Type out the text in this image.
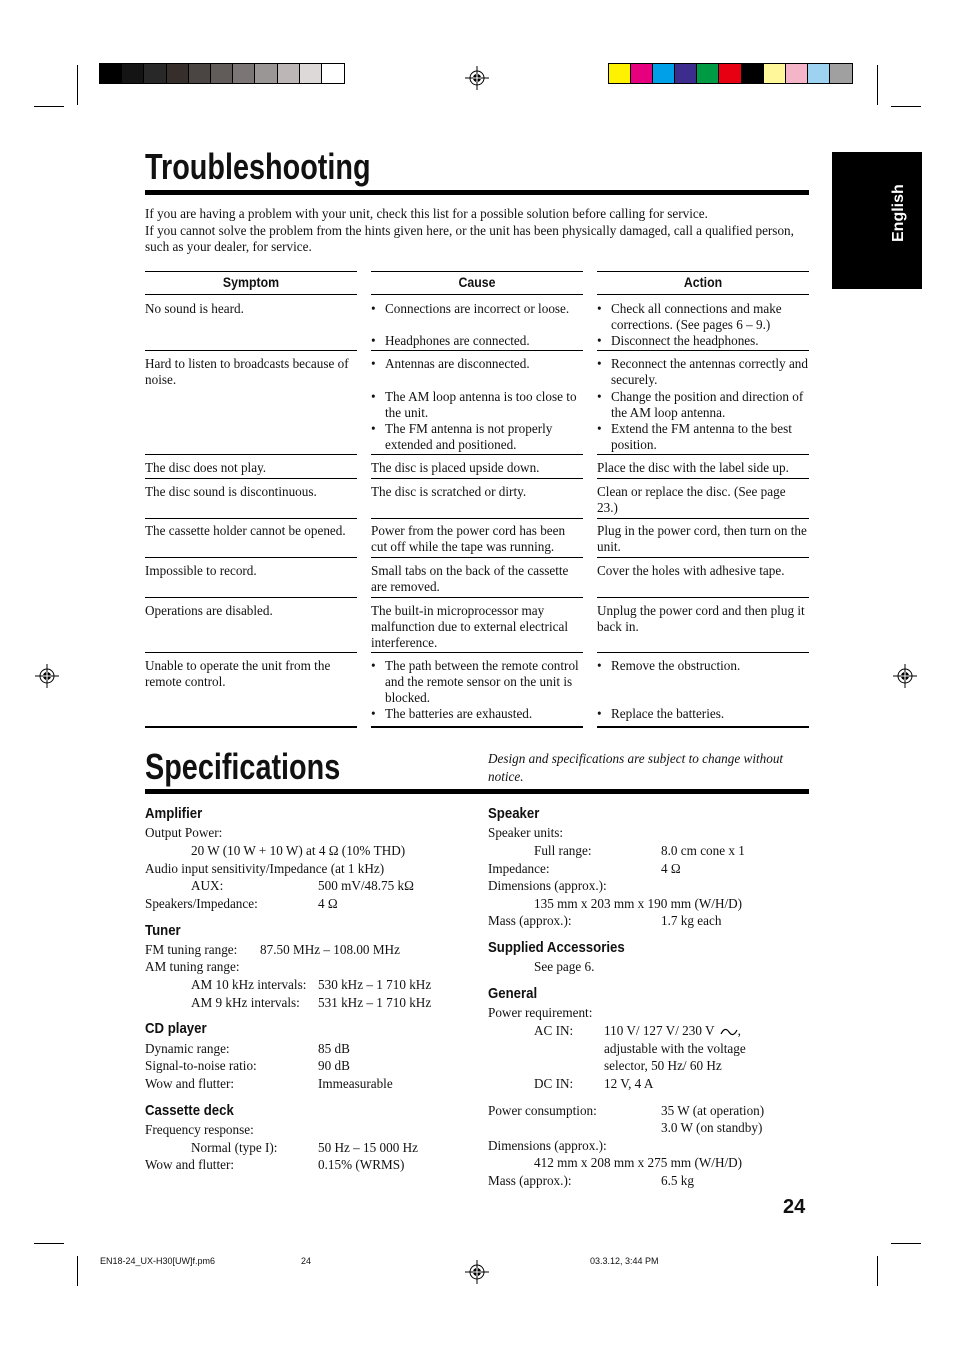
English
Troubleshooting
If you are having a problem with your unit, check this list for a possible solution before calling for service.
If you cannot solve the problem from the hints given here, or the unit has been physically damaged, call a qualified person, such as your dealer, for service.
Symptom	Cause	Action
No sound is heard.
•	Connections are incorrect or loose.
• Headphones are connected.
• Check all connections and make corrections. (See pages 6 – 9.)
• Disconnect the headphones.
Hard to listen to broadcasts because of noise.
• Antennas are disconnected.
• The AM loop antenna is too close to the unit.
• The FM antenna is not properly extended and positioned.
• Reconnect the antennas correctly and securely.
• Change the position and direction of the AM loop antenna.
• Extend the FM antenna to the best position.
The disc does not play.	The disc is placed upside down.	Place the disc with the label side up.
The disc sound is discontinuous.	The disc is scratched or dirty.	Clean or replace the disc. (See page 23.)
The cassette holder cannot be opened.	Power from the power cord has been cut off while the tape was running.
Plug in the power cord, then turn on the unit.
Impossible to record.	Small tabs on the back of the cassette are removed.
Cover the holes with adhesive tape.
Operations are disabled.	The built-in microprocessor may malfunction due to external electrical interference.
Unplug the power cord and then plug it back in.
Unable to operate the unit from the remote control.
• The path between the remote control and the remote sensor on the unit is blocked.
• The batteries are exhausted.
• Remove the obstruction.
• Replace the batteries.
Specifications	Design and specifications are subject to change without notice.
Amplifier
Output Power:
20 W (10 W + 10 W) at 4 Ω (10% THD)
Audio input sensitivity/Impedance (at 1 kHz)
AUX:	500 mV/48.75 kΩ
Speakers/Impedance:	4 Ω
Tuner
FM tuning range: 87.50 MHz – 108.00 MHz
AM tuning range:
AM 10 kHz intervals: 530 kHz – 1 710 kHz
AM 9 kHz intervals: 531 kHz – 1 710 kHz
CD player
Dynamic range:	85 dB
Signal-to-noise ratio:	90 dB
Wow and flutter:	Immeasurable
Cassette deck
Frequency response:
Normal (type I):	50 Hz – 15 000 Hz
Wow and flutter:	0.15% (WRMS)
Speaker
Speaker units:
Full range:	8.0 cm cone x 1
Impedance:	4 Ω
Dimensions (approx.):
135 mm x 203 mm x 190 mm (W/H/D)
Mass (approx.):	1.7 kg each
Supplied Accessories
See page 6.
General
Power requirement:
AC IN: 110 V/ 127 V/ 230 V ,
adjustable with the voltage
selector, 50 Hz/ 60 Hz
DC IN: 12 V, 4 A
Power consumption:	35 W (at operation)
3.0 W (on standby)
Dimensions (approx.):
412 mm x 208 mm x 275 mm (W/H/D)
Mass (approx.):	6.5 kg
24
EN18-24_UX-H30[UW]f.pm6	24	03.3.12, 3:44 PM
